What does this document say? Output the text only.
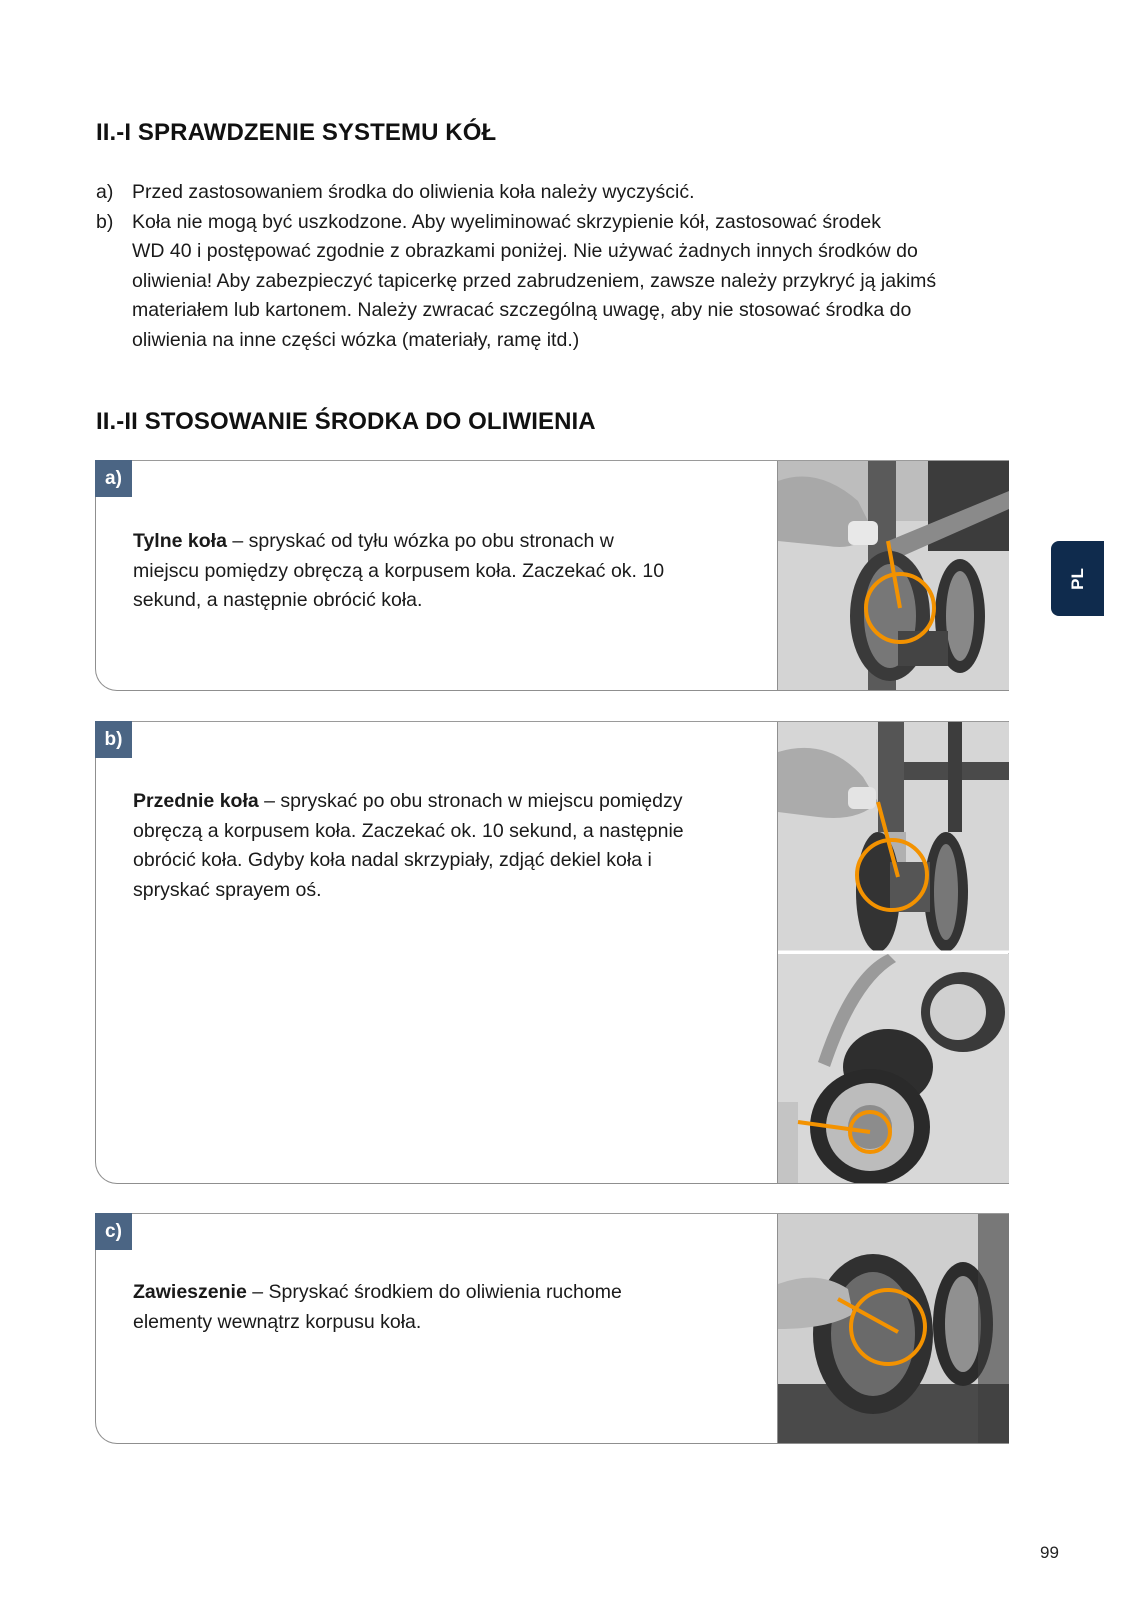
II.-I SPRAWDZENIE SYSTEMU KÓŁ
a) Przed zastosowaniem środka do oliwienia koła należy wyczyścić.
b) Koła nie mogą być uszkodzone. Aby wyeliminować skrzypienie kół, zastosować środek
WD 40 i postępować zgodnie z obrazkami poniżej. Nie używać żadnych innych środków do
oliwienia! Aby zabezpieczyć tapicerkę przed zabrudzeniem, zawsze należy przykryć ją jakimś
materiałem lub kartonem. Należy zwracać szczególną uwagę, aby nie stosować środka do
oliwienia na inne części wózka (materiały, ramę itd.)
II.-II STOSOWANIE ŚRODKA DO OLIWIENIA
a)

Tylne koła – spryskać od tyłu wózka po obu stronach w
miejscu pomiędzy obręczą a korpusem koła. Zaczekać ok. 10
sekund, a następnie obrócić koła.

b)

Przednie koła – spryskać po obu stronach w miejscu pomiędzy
obręczą a korpusem koła. Zaczekać ok. 10 sekund, a następnie
obrócić koła. Gdyby koła nadal skrzypiały, zdjąć dekiel koła i
spryskać sprayem oś.

c)

Zawieszenie – Spryskać środkiem do oliwienia ruchome
elementy wewnątrz korpusu koła.

PL
99
